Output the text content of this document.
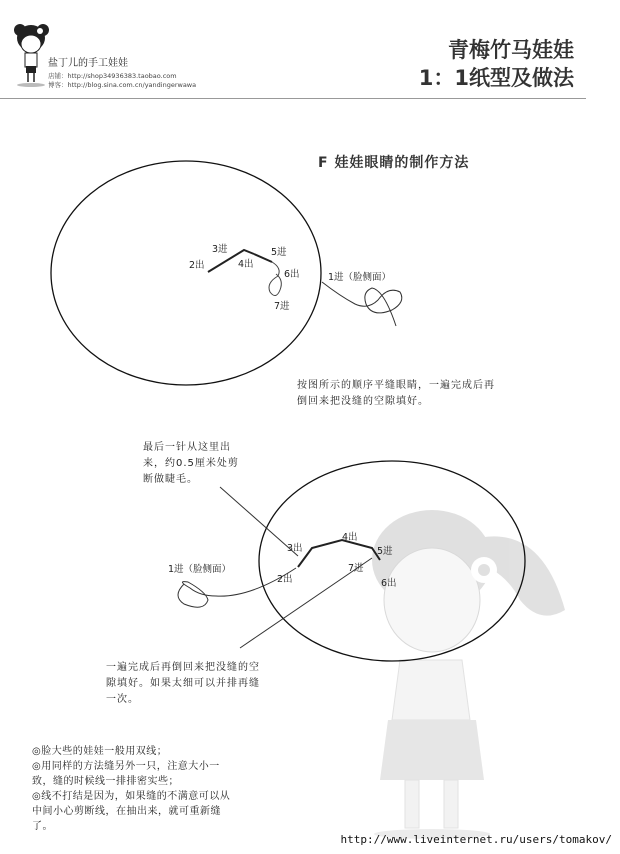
盐丁儿的手工娃娃
店铺：http://shop34936383.taobao.com
博客：http://blog.sina.com.cn/yandingerwawa
青梅竹马娃娃
1：1纸型及做法
F 娃娃眼睛的制作方法
3进
2出	4出
5进
6出
7进
1进（脸侧面）
按图所示的顺序平缝眼睛，一遍完成后再
倒回来把没缝的空隙填好。
最后一针从这里出
来，约0.5厘米处剪
断做睫毛。
4出
3出	5进
2出
7进
6出
1进（脸侧面）
一遍完成后再倒回来把没缝的空
隙填好。如果太细可以并排再缝
一次。
◎脸大些的娃娃一般用双线；
◎用同样的方法缝另外一只，注意大小一
致，缝的时候线一排排密实些；
◎线不打结是因为，如果缝的不满意可以从
中间小心剪断线，在抽出来，就可重新缝
了。
http://www.liveinternet.ru/users/tomakov/
